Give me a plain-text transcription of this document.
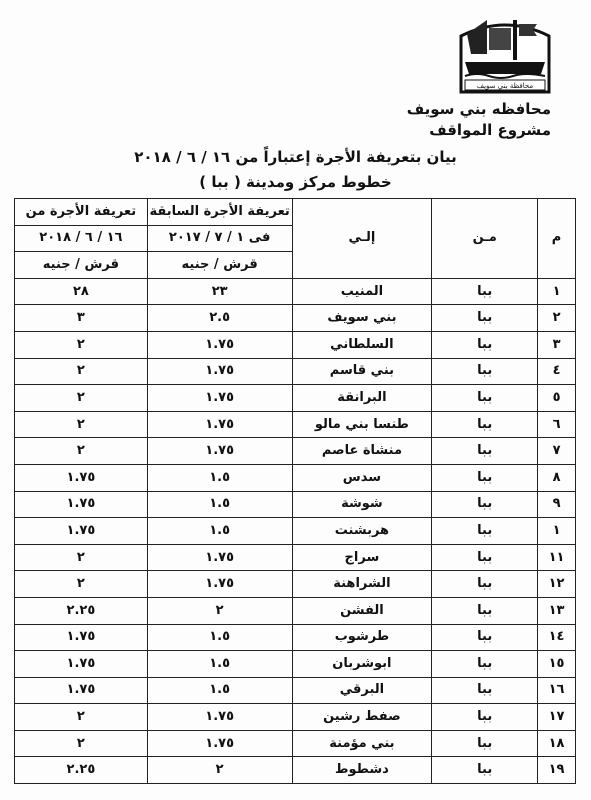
محافظة بني سويف
محافظه بني سويف
مشروع المواقف
بيان بتعريفة الأجرة إعتباراً من ١٦ / ٦ / ٢٠١٨
خطوط مركز ومدينة ( ببا )
م	مـن	إلـي	تعريفة الأجرة السابقة	تعريفة الأجرة من
			فى ١ / ٧ / ٢٠١٧	١٦ / ٦ / ٢٠١٨
			قرش / جنيه	قرش / جنيه
١	ببا	المنيب	٢٣	٢٨
٢	ببا	بني سويف	٢.٥	٣
٣	ببا	السلطاني	١.٧٥	٢
٤	ببا	بني قاسم	١.٧٥	٢
٥	ببا	البرانقة	١.٧٥	٢
٦	ببا	طنسا بني مالو	١.٧٥	٢
٧	ببا	منشاة عاصم	١.٧٥	٢
٨	ببا	سدس	١.٥	١.٧٥
٩	ببا	شوشة	١.٥	١.٧٥
١	ببا	هربشنت	١.٥	١.٧٥
١١	ببا	سراج	١.٧٥	٢
١٢	ببا	الشراهنة	١.٧٥	٢
١٣	ببا	الفشن	٢	٢.٢٥
١٤	ببا	طرشوب	١.٥	١.٧٥
١٥	ببا	ابوشربان	١.٥	١.٧٥
١٦	ببا	البرقي	١.٥	١.٧٥
١٧	ببا	صفط رشين	١.٧٥	٢
١٨	ببا	بني مؤمنة	١.٧٥	٢
١٩	ببا	دشطوط	٢	٢.٢٥
